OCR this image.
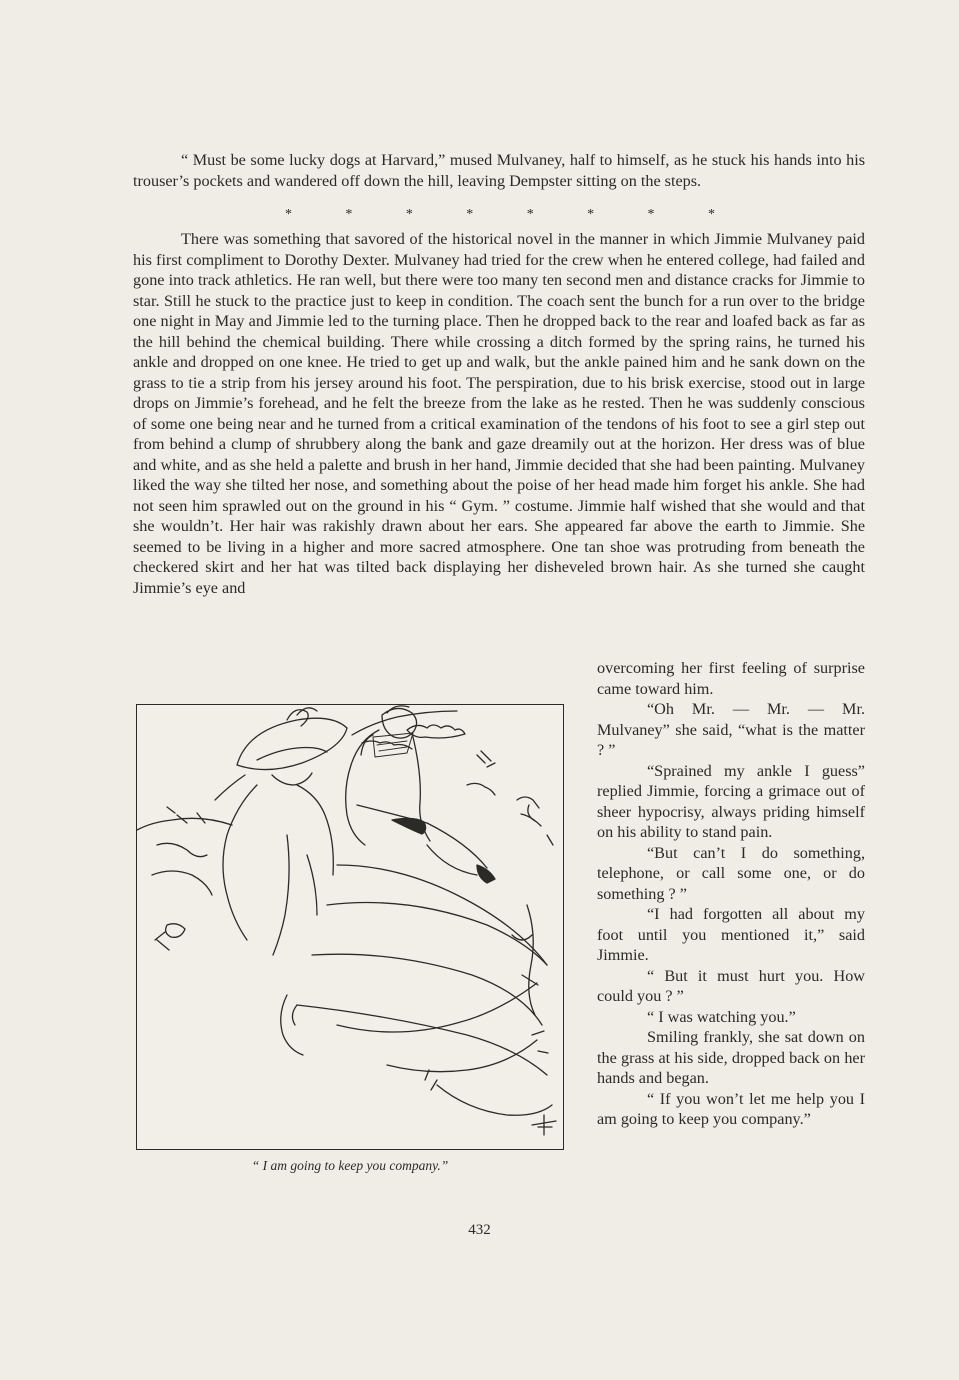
“ Must be some lucky dogs at Harvard,” mused Mulvaney, half to himself, as he stuck his hands into his trouser’s pockets and wandered off down the hill, leaving Dempster sitting on the steps.

*	*	*	*	*	*	*	*

There was something that savored of the historical novel in the manner in which Jimmie Mulvaney paid his first compliment to Dorothy Dexter. Mulvaney had tried for the crew when he entered college, had failed and gone into track athletics. He ran well, but there were too many ten second men and distance cracks for Jimmie to star. Still he stuck to the practice just to keep in condition. The coach sent the bunch for a run over to the bridge one night in May and Jimmie led to the turning place. Then he dropped back to the rear and loafed back as far as the hill behind the chemical building. There while crossing a ditch formed by the spring rains, he turned his ankle and dropped on one knee. He tried to get up and walk, but the ankle pained him and he sank down on the grass to tie a strip from his jersey around his foot. The perspiration, due to his brisk exercise, stood out in large drops on Jimmie’s forehead, and he felt the breeze from the lake as he rested. Then he was suddenly conscious of some one being near and he turned from a critical examination of the tendons of his foot to see a girl step out from behind a clump of shrubbery along the bank and gaze dreamily out at the horizon. Her dress was of blue and white, and as she held a palette and brush in her hand, Jimmie decided that she had been painting. Mulvaney liked the way she tilted her nose, and something about the poise of her head made him forget his ankle. She had not seen him sprawled out on the ground in his “ Gym. ” costume. Jimmie half wished that she would and that she wouldn’t. Her hair was rakishly drawn about her ears. She appeared far above the earth to Jimmie. She seemed to be living in a higher and more sacred atmosphere. One tan shoe was protruding from beneath the checkered skirt and her hat was tilted back displaying her disheveled brown hair. As she turned she caught Jimmie’s eye and

“ I am going to keep you company.”

overcoming her first feeling of surprise came toward him.

“Oh Mr. — Mr. — Mr. Mulvaney” she said, “what is the matter ? ”

“Sprained my ankle I guess” replied Jimmie, forcing a grimace out of sheer hypocrisy, always priding himself on his ability to stand pain.

“But can’t I do something, telephone, or call some one, or do something ? ”

“I had forgotten all about my foot until you mentioned it,” said Jimmie.

“ But it must hurt you. How could you ? ”

“ I was watching you.”

Smiling frankly, she sat down on the grass at his side, dropped back on her hands and began.

“ If you won’t let me help you I am going to keep you company.”

432
